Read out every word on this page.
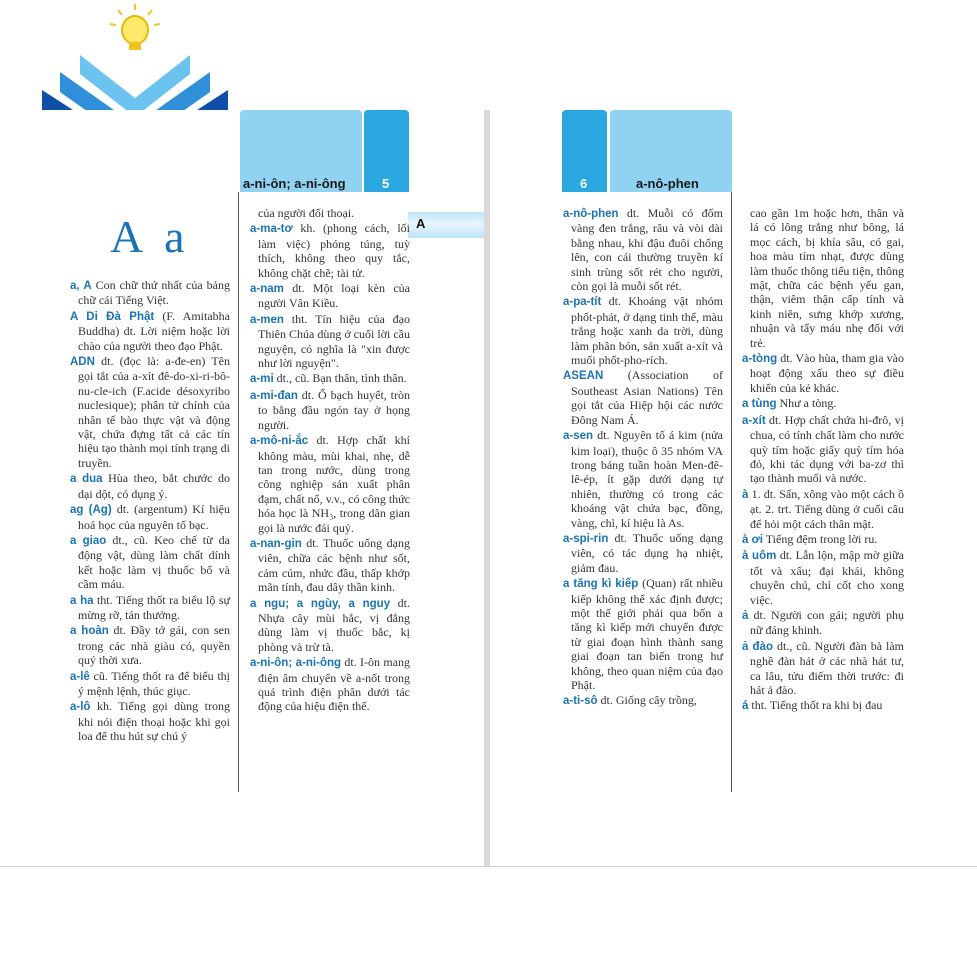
a-ni-ôn; a-ni-ông	5	6	a-nô-phen
A
A a

a, A Con chữ thứ nhất của bảng chữ cái Tiếng Việt.

A Di Đà Phật (F. Amitabha Buddha) dt. Lời niệm hoặc lời chào của người theo đạo Phật.

ADN dt. (đọc là: a-đe-en) Tên gọi tắt của a-xít đê-do-xi-ri-bô-nu-cle-ich (F.acide désoxyribo nuclesique); phân tử chính của nhân tế bào thực vật và động vật, chứa đựng tất cả các tín hiệu tạo thành mọi tính trạng di truyền.

a dua Hùa theo, bắt chước do dại dột, có dụng ý.

ag (Ag) dt. (argentum) Kí hiệu hoá học của nguyên tố bạc.

a giao dt., cũ. Keo chế từ da động vật, dùng làm chất dính kết hoặc làm vị thuốc bổ và cầm máu.

a ha tht. Tiếng thốt ra biểu lộ sự mừng rỡ, tán thưởng.

a hoàn dt. Đầy tớ gái, con sen trong các nhà giàu có, quyền quý thời xưa.

a-lê cũ. Tiếng thốt ra để biểu thị ý mệnh lệnh, thúc giục.

a-lô kh. Tiếng gọi dùng trong khi nói điện thoại hoặc khi gọi loa để thu hút sự chú ý

của người đối thoại.

a-ma-tơ kh. (phong cách, lối làm việc) phóng túng, tuỳ thích, không theo quy tắc, không chặt chẽ; tài tử.

a-nam dt. Một loại kèn của người Vân Kiều.

a-men tht. Tín hiệu của đạo Thiên Chúa dùng ở cuối lời cầu nguyện, có nghĩa là "xin được như lời nguyện".

a-mi dt., cũ. Bạn thân, tình thân.

a-mi-đan dt. Ổ bạch huyết, tròn to bằng đầu ngón tay ở họng người.

a-mô-ni-ắc dt. Hợp chất khí không màu, mùi khai, nhẹ, dễ tan trong nước, dùng trong công nghiệp sản xuất phân đạm, chất nổ, v.v., có công thức hóa học là NH₃, trong dân gian gọi là nước đái quỷ.

a-nan-gin dt. Thuốc uống dạng viên, chữa các bệnh như sốt, cảm cúm, nhức đầu, thấp khớp mãn tính, đau dây thần kinh.

a ngu; a ngùy, a nguy dt. Nhựa cây mùi hắc, vị đắng dùng làm vị thuốc bắc, kị phòng và trừ tà.

a-ni-ôn; a-ni-ông dt. I-ôn mang điện âm chuyển về a-nốt trong quá trình điện phân dưới tác động của hiệu điện thế.

a-nô-phen dt. Muỗi có đốm vàng đen trắng, râu và vòi dài bằng nhau, khi đậu đuôi chổng lên, con cái thường truyền kí sinh trùng sốt rét cho người, còn gọi là muỗi sốt rét.

a-pa-tít dt. Khoáng vật nhóm phốt-phát, ở dạng tinh thể, màu trắng hoặc xanh da trời, dùng làm phân bón, sản xuất a-xít và muối phốt-pho-rích.

ASEAN (Association of Southeast Asian Nations) Tên gọi tắt của Hiệp hội các nước Đông Nam Á.

a-sen dt. Nguyên tố á kim (nửa kim loại), thuộc ô 35 nhóm VA trong bảng tuần hoàn Men-đê-lê-ép, ít gặp dưới dạng tự nhiên, thường có trong các khoáng vật chứa bạc, đồng, vàng, chì, kí hiệu là As.

a-spi-rin dt. Thuốc uống dạng viên, có tác dụng hạ nhiệt, giảm đau.

a tăng kì kiếp (Quan) rất nhiều kiếp không thể xác định được; một thế giới phải qua bốn a tăng kì kiếp mới chuyển được từ giai đoạn hình thành sang giai đoạn tan biến trong hư không, theo quan niệm của đạo Phật.

a-ti-sô dt. Giống cây trồng,

cao gần 1m hoặc hơn, thân và lá có lông trắng như bông, lá mọc cách, bị khía sâu, có gai, hoa màu tím nhạt, được dùng làm thuốc thông tiểu tiện, thông mật, chữa các bệnh yếu gan, thận, viêm thận cấp tính và kinh niên, sưng khớp xương, nhuận và tẩy máu nhẹ đối với trẻ.

a-tòng dt. Vào hùa, tham gia vào hoạt động xấu theo sự điều khiển của kẻ khác.

a tùng Như a tòng.

a-xít dt. Hợp chất chứa hi-đrô, vị chua, có tính chất làm cho nước quỳ tím hoặc giấy quỳ tím hóa đỏ, khi tác dụng với ba-zơ thì tạo thành muối và nước.

à 1. dt. Sấn, xông vào một cách ồ ạt. 2. trt. Tiếng dùng ở cuối câu để hỏi một cách thân mật.

à ơi Tiếng đệm trong lời ru.

à uôm dt. Lẫn lộn, mập mờ giữa tốt và xấu; đại khái, không chuyên chú, chỉ cốt cho xong việc.

ả dt. Người con gái; người phụ nữ đáng khinh.

ả đào dt., cũ. Người đàn bà làm nghề đàn hát ở các nhà hát tư, ca lâu, tửu điếm thời trước: đi hát ả đào.

á tht. Tiếng thốt ra khi bị đau
